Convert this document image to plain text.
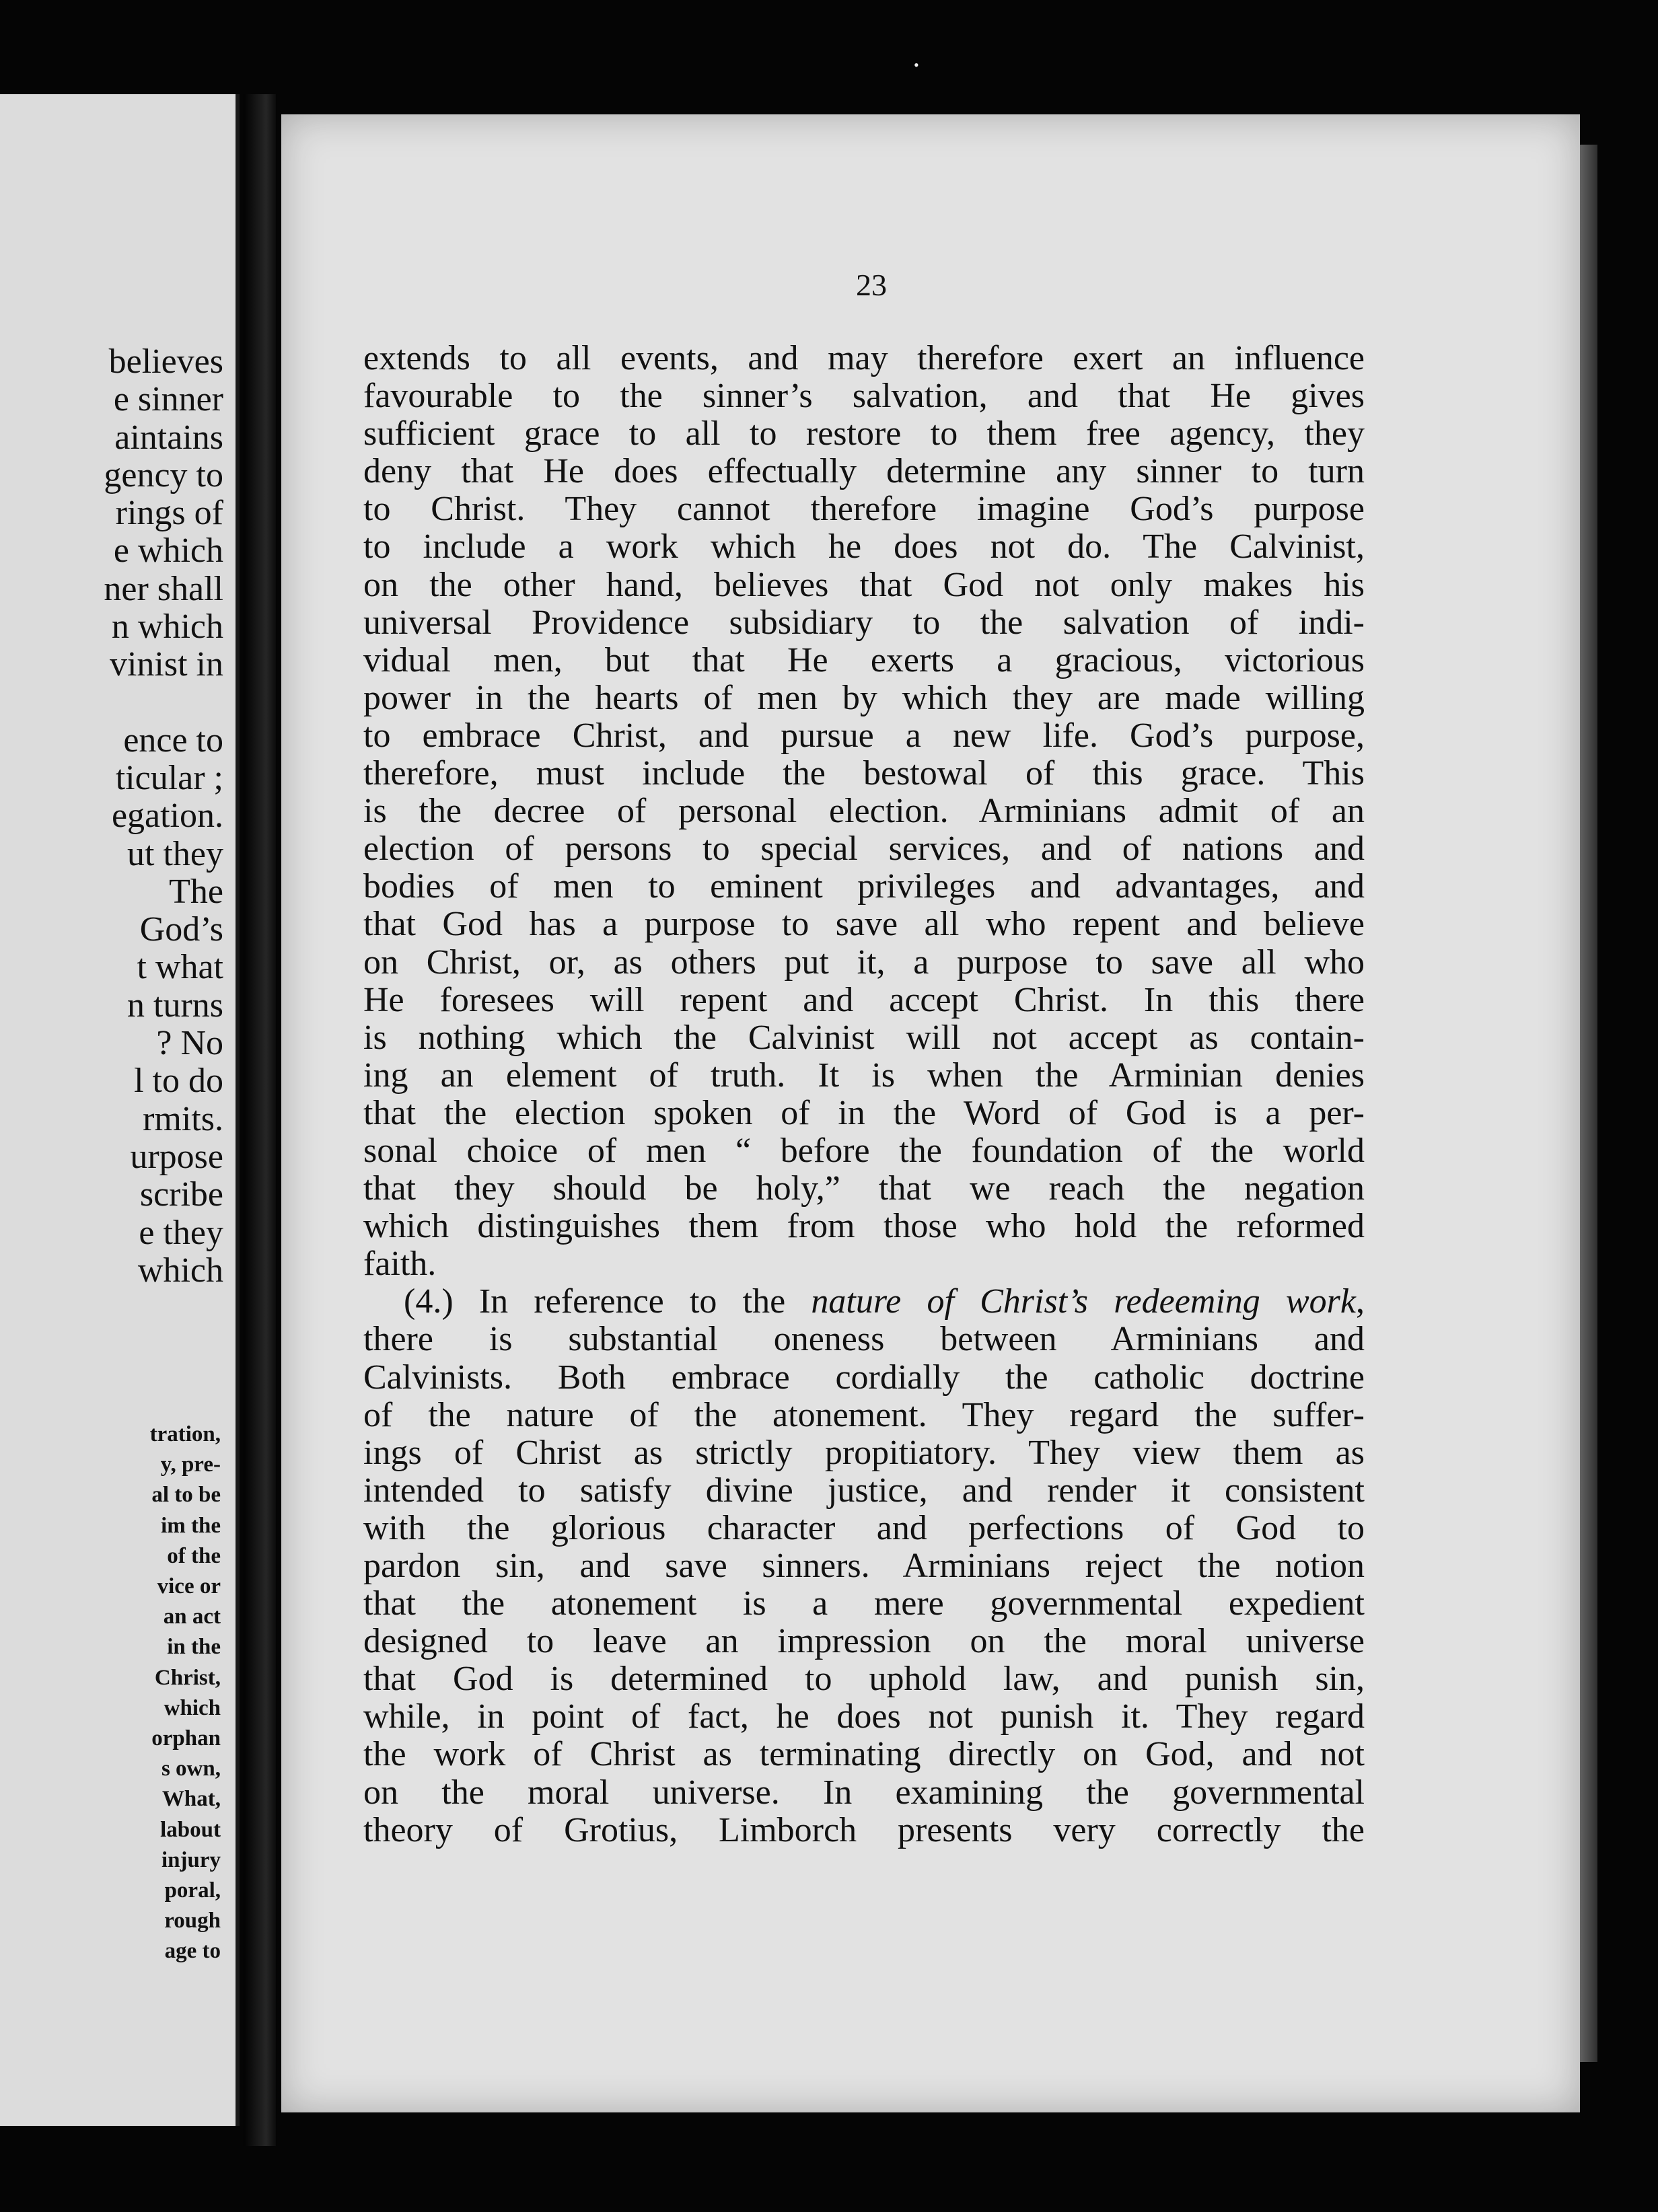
believes
e sinner
aintains
gency to
rings of
e which
ner shall
n which
vinist in
ence to
ticular ;
egation.
ut they
The
God’s
t what
n turns
? No
l to do
rmits.
urpose
scribe
e they
which
tration,
y, pre-
al to be
im the
of the
vice or
an act
in the
Christ,
which
orphan
s own,
What,
labout
injury
poral,
rough
age to
23
extends to all events, and may therefore exert an influence
favourable to the sinner’s salvation, and that He gives
sufficient grace to all to restore to them free agency, they
deny that He does effectually determine any sinner to turn
to Christ. They cannot therefore imagine God’s purpose
to include a work which he does not do. The Calvinist,
on the other hand, believes that God not only makes his
universal Providence subsidiary to the salvation of indi-
vidual men, but that He exerts a gracious, victorious
power in the hearts of men by which they are made willing
to embrace Christ, and pursue a new life. God’s purpose,
therefore, must include the bestowal of this grace. This
is the decree of personal election. Arminians admit of an
election of persons to special services, and of nations and
bodies of men to eminent privileges and advantages, and
that God has a purpose to save all who repent and believe
on Christ, or, as others put it, a purpose to save all who
He foresees will repent and accept Christ. In this there
is nothing which the Calvinist will not accept as contain-
ing an element of truth. It is when the Arminian denies
that the election spoken of in the Word of God is a per-
sonal choice of men “ before the foundation of the world
that they should be holy,” that we reach the negation
which distinguishes them from those who hold the reformed
faith.
(4.) In reference to the nature of Christ’s redeeming work,
there is substantial oneness between Arminians and
Calvinists. Both embrace cordially the catholic doctrine
of the nature of the atonement. They regard the suffer-
ings of Christ as strictly propitiatory. They view them as
intended to satisfy divine justice, and render it consistent
with the glorious character and perfections of God to
pardon sin, and save sinners. Arminians reject the notion
that the atonement is a mere governmental expedient
designed to leave an impression on the moral universe
that God is determined to uphold law, and punish sin,
while, in point of fact, he does not punish it. They regard
the work of Christ as terminating directly on God, and not
on the moral universe. In examining the governmental
theory of Grotius, Limborch presents very correctly the
•
